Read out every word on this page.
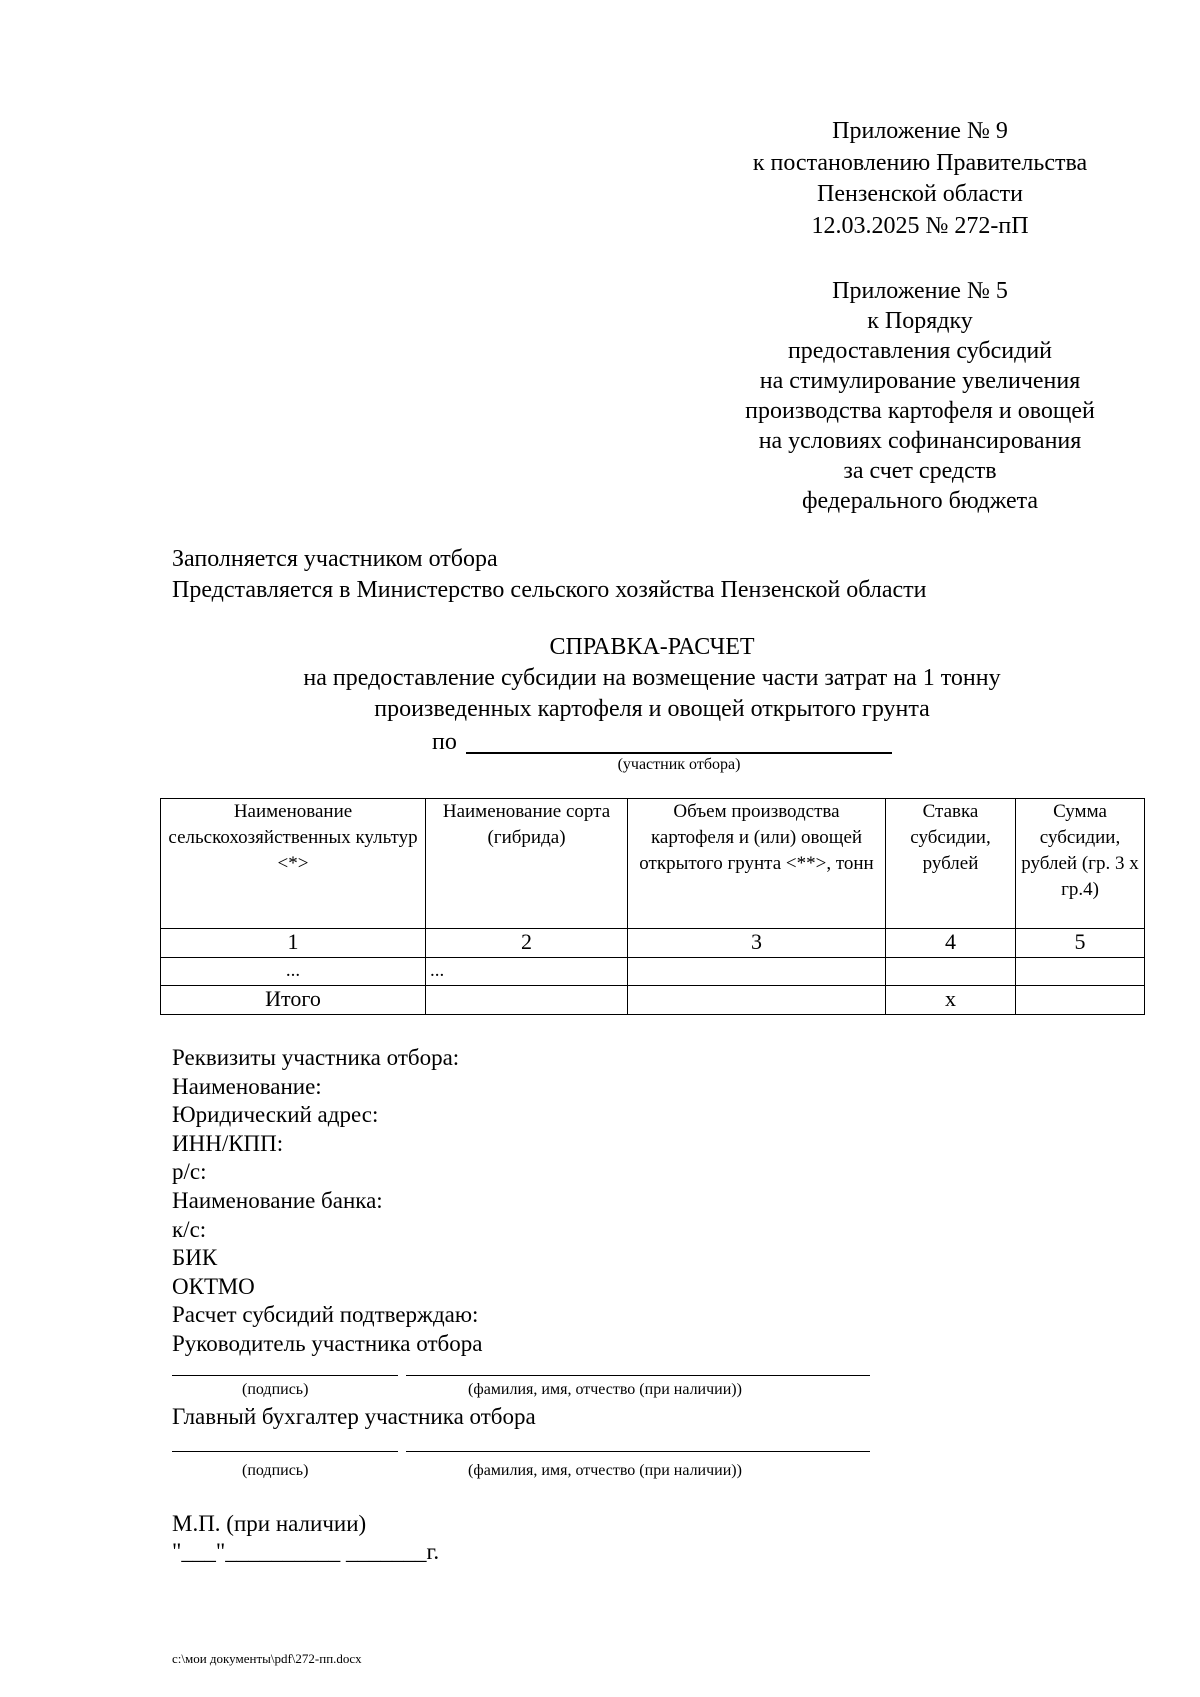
Приложение № 9
к постановлению Правительства
Пензенской области
12.03.2025 № 272-пП
Приложение № 5
к Порядку
предоставления субсидий
на стимулирование увеличения
производства картофеля и овощей
на условиях софинансирования
за счет средств
федерального бюджета
Заполняется участником отбора
Представляется в Министерство сельского хозяйства Пензенской области
СПРАВКА-РАСЧЕТ
на предоставление субсидии на возмещение части затрат на 1 тонну
произведенных картофеля и овощей открытого грунта
по
(участник отбора)
Наименование сельскохозяйственных культур <*>	Наименование сорта (гибрида)	Объем производства картофеля и (или) овощей открытого грунта <**>, тонн	Ставка субсидии, рублей	Сумма субсидии, рублей (гр. 3 x гр.4)
1	2	3	4	5
...	...			
Итого			x	
Реквизиты участника отбора:
Наименование:
Юридический адрес:
ИНН/КПП:
р/с:
Наименование банка:
к/с:
БИК
ОКТМО
Расчет субсидий подтверждаю:
Руководитель участника отбора
(подпись)	(фамилия, имя, отчество (при наличии))
Главный бухгалтер участника отбора
(подпись)	(фамилия, имя, отчество (при наличии))
М.П. (при наличии)
"___"__________ _______г.
c:\мои документы\pdf\272-пп.docx
